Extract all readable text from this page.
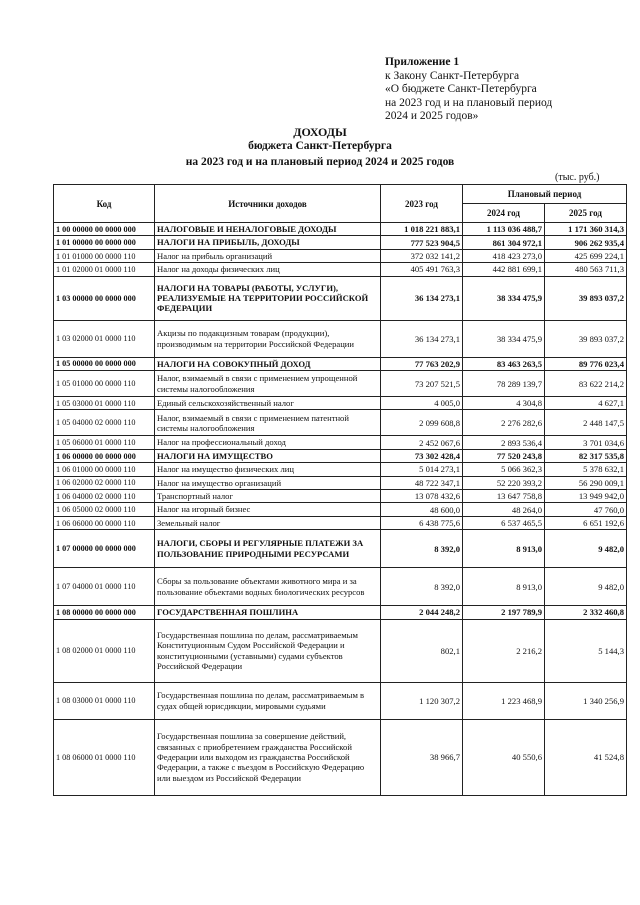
Приложение 1
к Закону Санкт-Петербурга
«О бюджете Санкт-Петербурга
на 2023 год и на плановый период
2024 и 2025 годов»
ДОХОДЫ
бюджета Санкт-Петербурга
на 2023 год и на плановый период 2024 и 2025 годов
(тыс. руб.)
Код	Источники доходов	2023 год	Плановый период	
			2024 год	2025 год
1 00 00000 00 0000 000	НАЛОГОВЫЕ И НЕНАЛОГОВЫЕ ДОХОДЫ	1 018 221 883,1	1 113 036 488,7	1 171 360 314,3
1 01 00000 00 0000 000	НАЛОГИ НА ПРИБЫЛЬ, ДОХОДЫ	777 523 904,5	861 304 972,1	906 262 935,4
1 01 01000 00 0000 110	Налог на прибыль организаций	372 032 141,2	418 423 273,0	425 699 224,1
1 01 02000 01 0000 110	Налог на доходы физических лиц	405 491 763,3	442 881 699,1	480 563 711,3
1 03 00000 00 0000 000	НАЛОГИ НА ТОВАРЫ (РАБОТЫ, УСЛУГИ), РЕАЛИЗУЕМЫЕ НА ТЕРРИТОРИИ РОССИЙСКОЙ ФЕДЕРАЦИИ	36 134 273,1	38 334 475,9	39 893 037,2
1 03 02000 01 0000 110	Акцизы по подакцизным товарам (продукции), производимым на территории Российской Федерации	36 134 273,1	38 334 475,9	39 893 037,2
1 05 00000 00 0000 000	НАЛОГИ НА СОВОКУПНЫЙ ДОХОД	77 763 202,9	83 463 263,5	89 776 023,4
1 05 01000 00 0000 110	Налог, взимаемый в связи с применением упрощенной системы налогообложения	73 207 521,5	78 289 139,7	83 622 214,2
1 05 03000 01 0000 110	Единый сельскохозяйственный налог	4 005,0	4 304,8	4 627,1
1 05 04000 02 0000 110	Налог, взимаемый в связи с применением патентной системы налогообложения	2 099 608,8	2 276 282,6	2 448 147,5
1 05 06000 01 0000 110	Налог на профессиональный доход	2 452 067,6	2 893 536,4	3 701 034,6
1 06 00000 00 0000 000	НАЛОГИ НА ИМУЩЕСТВО	73 302 428,4	77 520 243,8	82 317 535,8
1 06 01000 00 0000 110	Налог на имущество физических лиц	5 014 273,1	5 066 362,3	5 378 632,1
1 06 02000 02 0000 110	Налог на имущество организаций	48 722 347,1	52 220 393,2	56 290 009,1
1 06 04000 02 0000 110	Транспортный налог	13 078 432,6	13 647 758,8	13 949 942,0
1 06 05000 02 0000 110	Налог на игорный бизнес	48 600,0	48 264,0	47 760,0
1 06 06000 00 0000 110	Земельный налог	6 438 775,6	6 537 465,5	6 651 192,6
1 07 00000 00 0000 000	НАЛОГИ, СБОРЫ И РЕГУЛЯРНЫЕ ПЛАТЕЖИ ЗА ПОЛЬЗОВАНИЕ ПРИРОДНЫМИ РЕСУРСАМИ	8 392,0	8 913,0	9 482,0
1 07 04000 01 0000 110	Сборы за пользование объектами животного мира и за пользование объектами водных биологических ресурсов	8 392,0	8 913,0	9 482,0
1 08 00000 00 0000 000	ГОСУДАРСТВЕННАЯ ПОШЛИНА	2 044 248,2	2 197 789,9	2 332 460,8
1 08 02000 01 0000 110	Государственная пошлина по делам, рассматриваемым Конституционным Судом Российской Федерации и конституционными (уставными) судами субъектов Российской Федерации	802,1	2 216,2	5 144,3
1 08 03000 01 0000 110	Государственная пошлина по делам, рассматриваемым в судах общей юрисдикции, мировыми судьями	1 120 307,2	1 223 468,9	1 340 256,9
1 08 06000 01 0000 110	Государственная пошлина за совершение действий, связанных с приобретением гражданства Российской Федерации или выходом из гражданства Российской Федерации, а также с въездом в Российскую Федерацию или выездом из Российской Федерации	38 966,7	40 550,6	41 524,8
